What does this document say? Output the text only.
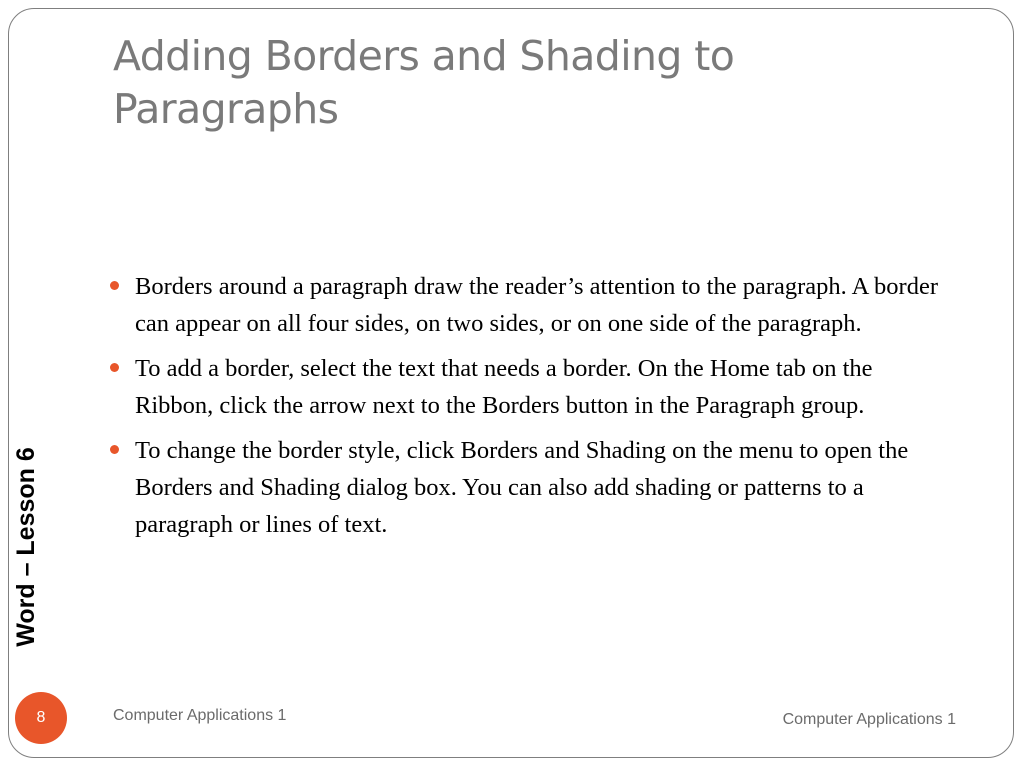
Adding Borders and Shading to Paragraphs
Word – Lesson 6
Borders around a paragraph draw the reader’s attention to the paragraph. A border can appear on all four sides, on two sides, or on one side of the paragraph.
To add a border, select the text that needs a border. On the Home tab on the Ribbon, click the arrow next to the Borders button in the Paragraph group.
To change the border style, click Borders and Shading on the menu to open the Borders and Shading dialog box. You can also add shading or patterns to a paragraph or lines of text.
8	Computer Applications 1	Computer Applications 1
